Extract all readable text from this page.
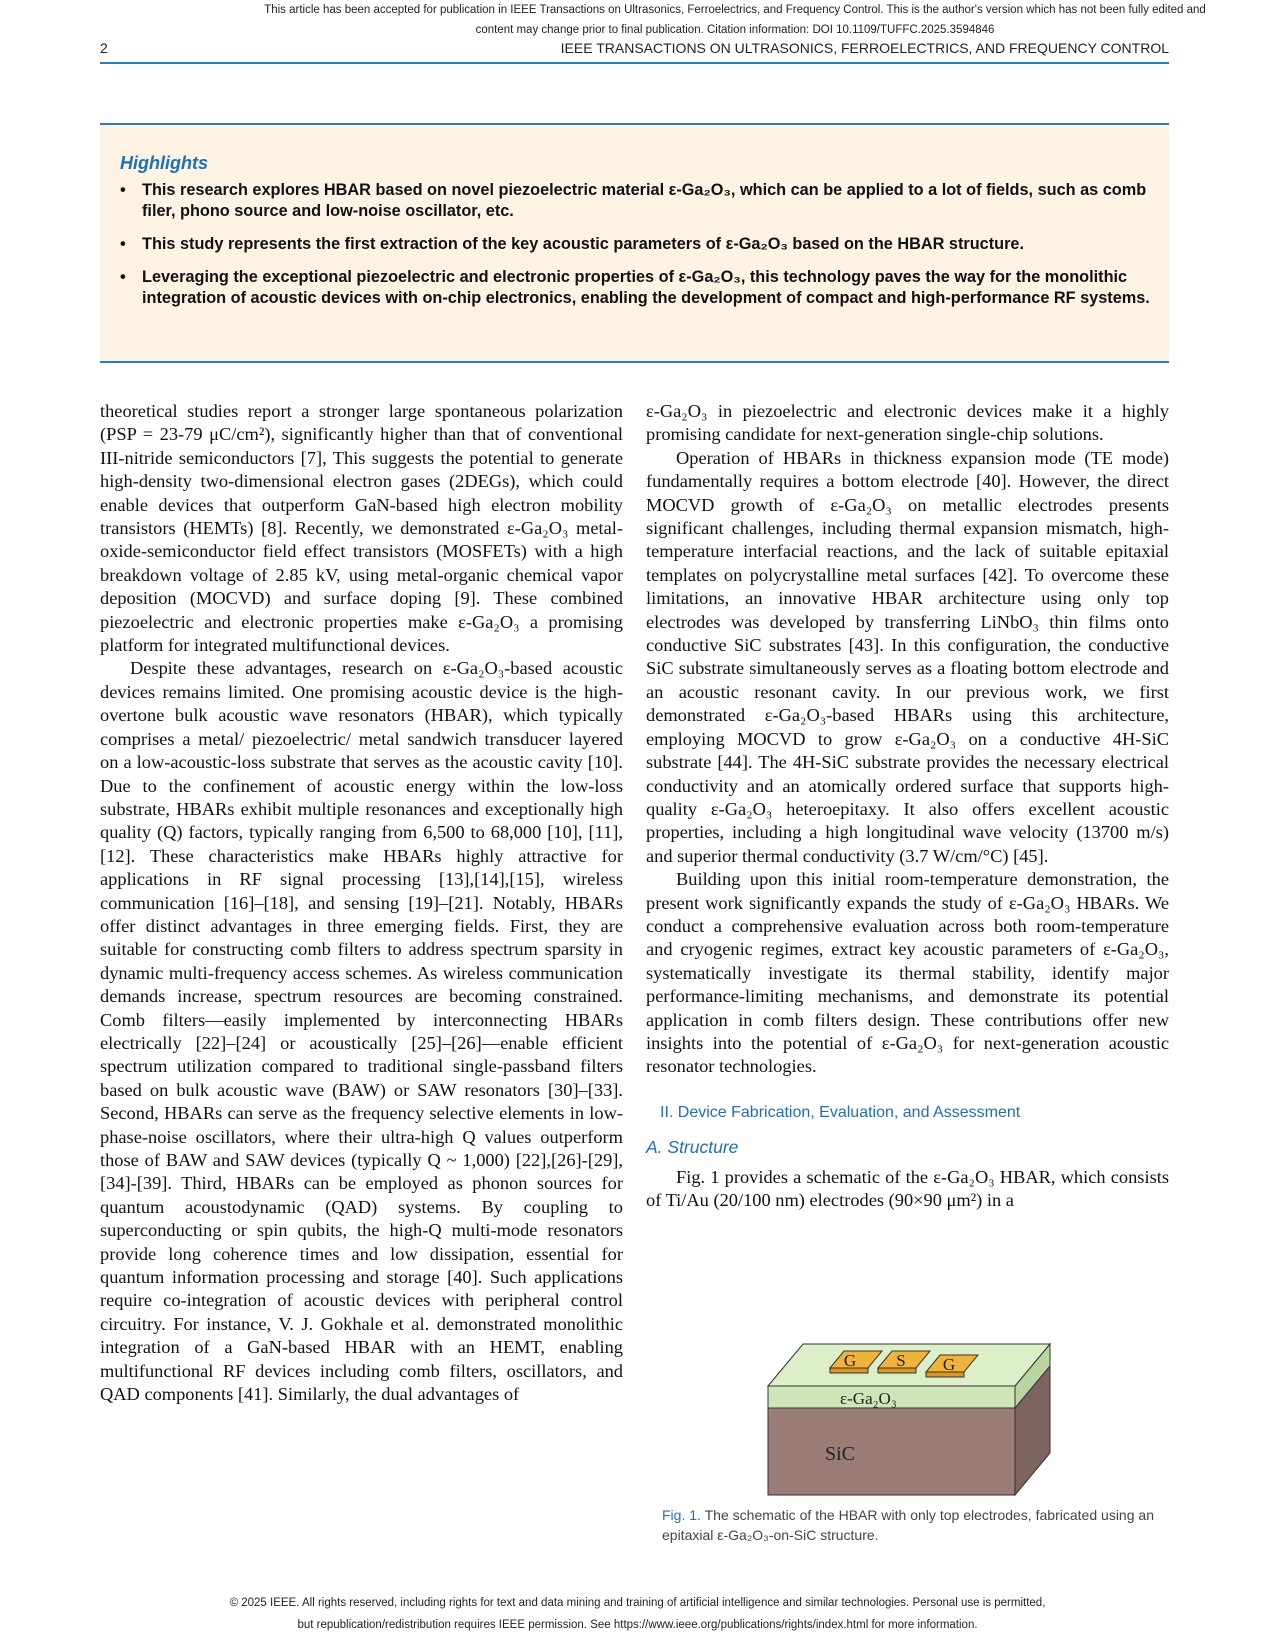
This article has been accepted for publication in IEEE Transactions on Ultrasonics, Ferroelectrics, and Frequency Control. This is the author's version which has not been fully edited and
content may change prior to final publication. Citation information: DOI 10.1109/TUFFC.2025.3594846
2	IEEE TRANSACTIONS ON ULTRASONICS, FERROELECTRICS, AND FREQUENCY CONTROL
Highlights
• This research explores HBAR based on novel piezoelectric material ε-Ga₂O₃, which can be applied to a lot of fields, such as comb filer, phono source and low-noise oscillator, etc.
• This study represents the first extraction of the key acoustic parameters of ε-Ga₂O₃ based on the HBAR structure.
• Leveraging the exceptional piezoelectric and electronic properties of ε-Ga₂O₃, this technology paves the way for the monolithic integration of acoustic devices with on-chip electronics, enabling the development of compact and high-performance RF systems.

theoretical studies report a stronger large spontaneous polarization (PSP = 23-79 μC/cm²), significantly higher than that of conventional III-nitride semiconductors [7], This suggests the potential to generate high-density two-dimensional electron gases (2DEGs), which could enable devices that outperform GaN-based high electron mobility transistors (HEMTs) [8]. Recently, we demonstrated ε-Ga₂O₃ metal-oxide-semiconductor field effect transistors (MOSFETs) with a high breakdown voltage of 2.85 kV, using metal-organic chemical vapor deposition (MOCVD) and surface doping [9]. These combined piezoelectric and electronic properties make ε-Ga₂O₃ a promising platform for integrated multifunctional devices.

Despite these advantages, research on ε-Ga₂O₃-based acoustic devices remains limited. One promising acoustic device is the high-overtone bulk acoustic wave resonators (HBAR), which typically comprises a metal/ piezoelectric/ metal sandwich transducer layered on a low-acoustic-loss substrate that serves as the acoustic cavity [10]. Due to the confinement of acoustic energy within the low-loss substrate, HBARs exhibit multiple resonances and exceptionally high quality (Q) factors, typically ranging from 6,500 to 68,000 [10], [11], [12]. These characteristics make HBARs highly attractive for applications in RF signal processing [13],[14],[15], wireless communication [16]–[18], and sensing [19]–[21]. Notably, HBARs offer distinct advantages in three emerging fields. First, they are suitable for constructing comb filters to address spectrum sparsity in dynamic multi-frequency access schemes. As wireless communication demands increase, spectrum resources are becoming constrained. Comb filters—easily implemented by interconnecting HBARs electrically [22]–[24] or acoustically [25]–[26]—enable efficient spectrum utilization compared to traditional single-passband filters based on bulk acoustic wave (BAW) or SAW resonators [30]–[33]. Second, HBARs can serve as the frequency selective elements in low-phase-noise oscillators, where their ultra-high Q values outperform those of BAW and SAW devices (typically Q ~ 1,000) [22],[26]-[29],[34]-[39]. Third, HBARs can be employed as phonon sources for quantum acoustodynamic (QAD) systems. By coupling to superconducting or spin qubits, the high-Q multi-mode resonators provide long coherence times and low dissipation, essential for quantum information processing and storage [40]. Such applications require co-integration of acoustic devices with peripheral control circuitry. For instance, V. J. Gokhale et al. demonstrated monolithic integration of a GaN-based HBAR with an HEMT, enabling multifunctional RF devices including comb filters, oscillators, and QAD components [41]. Similarly, the dual advantages of

ε-Ga₂O₃ in piezoelectric and electronic devices make it a highly promising candidate for next-generation single-chip solutions.

Operation of HBARs in thickness expansion mode (TE mode) fundamentally requires a bottom electrode [40]. However, the direct MOCVD growth of ε-Ga₂O₃ on metallic electrodes presents significant challenges, including thermal expansion mismatch, high-temperature interfacial reactions, and the lack of suitable epitaxial templates on polycrystalline metal surfaces [42]. To overcome these limitations, an innovative HBAR architecture using only top electrodes was developed by transferring LiNbO₃ thin films onto conductive SiC substrates [43]. In this configuration, the conductive SiC substrate simultaneously serves as a floating bottom electrode and an acoustic resonant cavity. In our previous work, we first demonstrated ε-Ga₂O₃-based HBARs using this architecture, employing MOCVD to grow ε-Ga₂O₃ on a conductive 4H-SiC substrate [44]. The 4H-SiC substrate provides the necessary electrical conductivity and an atomically ordered surface that supports high-quality ε-Ga₂O₃ heteroepitaxy. It also offers excellent acoustic properties, including a high longitudinal wave velocity (13700 m/s) and superior thermal conductivity (3.7 W/cm/°C) [45].

Building upon this initial room-temperature demonstration, the present work significantly expands the study of ε-Ga₂O₃ HBARs. We conduct a comprehensive evaluation across both room-temperature and cryogenic regimes, extract key acoustic parameters of ε-Ga₂O₃, systematically investigate its thermal stability, identify major performance-limiting mechanisms, and demonstrate its potential application in comb filters design. These contributions offer new insights into the potential of ε-Ga₂O₃ for next-generation acoustic resonator technologies.

II. Device Fabrication, Evaluation, and Assessment
A. Structure

Fig. 1 provides a schematic of the ε-Ga₂O₃ HBAR, which consists of Ti/Au (20/100 nm) electrodes (90×90 μm²) in a

G S G
ε-Ga₂O₃
SiC
Fig. 1. The schematic of the HBAR with only top electrodes, fabricated using an epitaxial ε-Ga₂O₃-on-SiC structure.
© 2025 IEEE. All rights reserved, including rights for text and data mining and training of artificial intelligence and similar technologies. Personal use is permitted,
but republication/redistribution requires IEEE permission. See https://www.ieee.org/publications/rights/index.html for more information.
